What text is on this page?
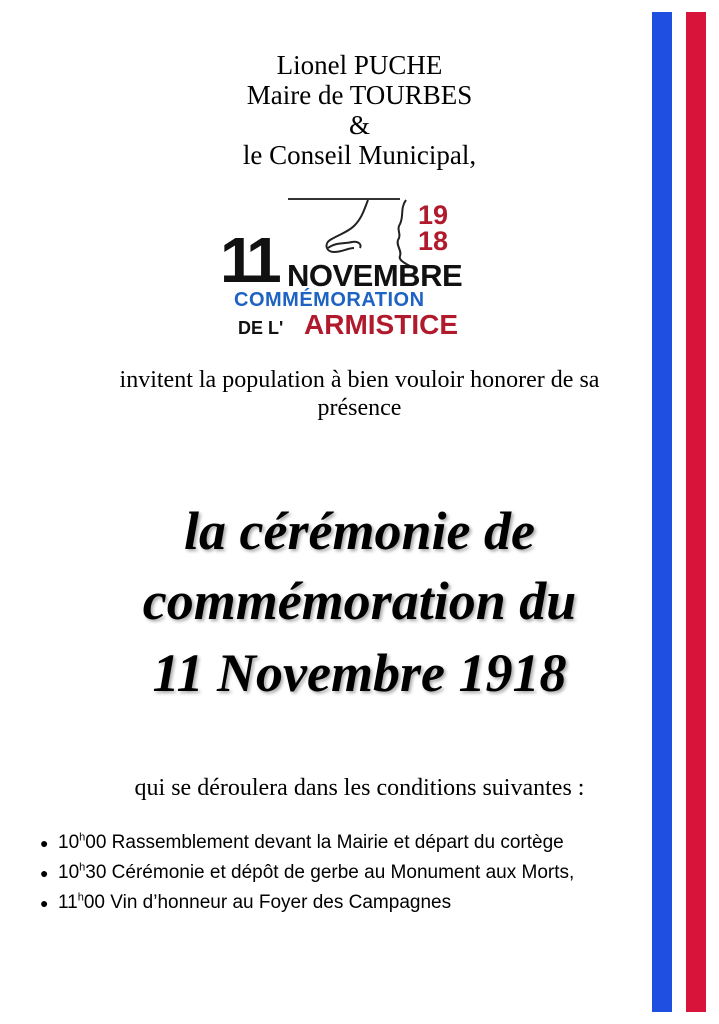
Lionel PUCHE
Maire de TOURBES
&
le Conseil Municipal,
19
18
11 NOVEMBRE
COMMÉMORATION
DE L' ARMISTICE
invitent la population à bien vouloir honorer de sa
présence
la cérémonie de
commémoration du
11 Novembre 1918
qui se déroulera dans les conditions suivantes :
● 10$^h$00 Rassemblement devant la Mairie et départ du cortège
● 10$^h$30 Cérémonie et dépôt de gerbe au Monument aux Morts,
● 11$^h$00 Vin d’honneur au Foyer des Campagnes
